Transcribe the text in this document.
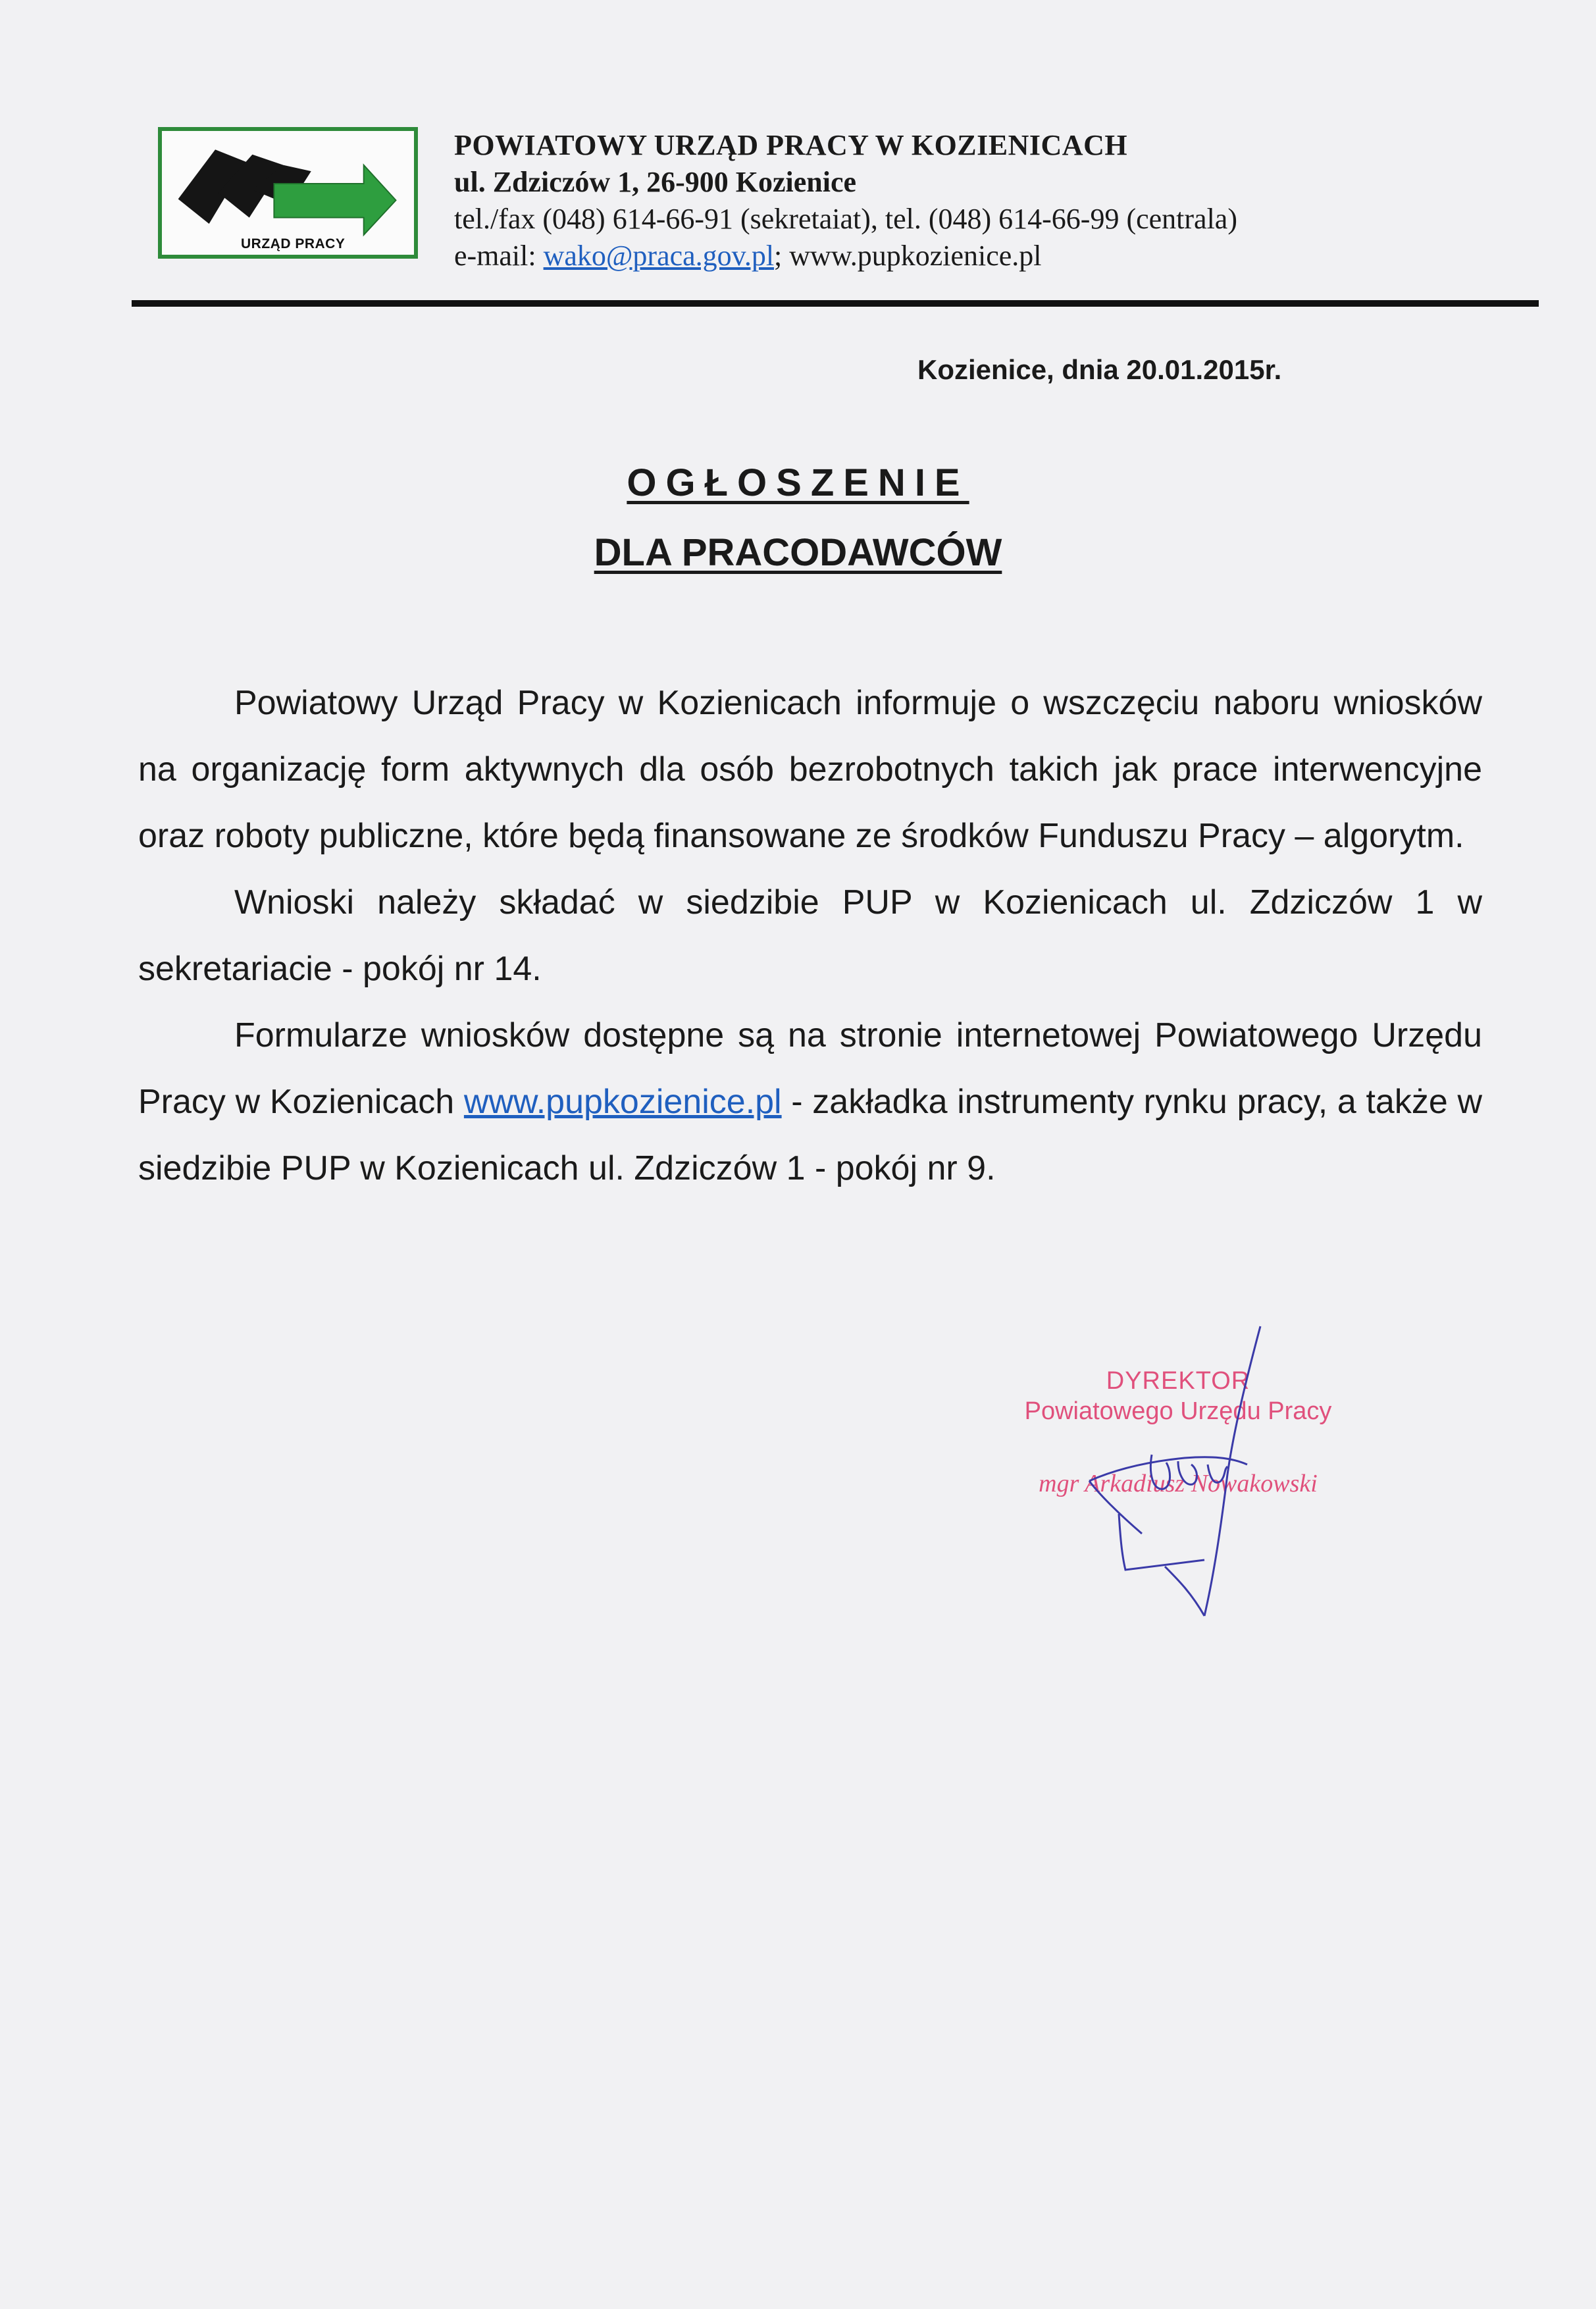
URZĄD PRACY
POWIATOWY URZĄD PRACY W KOZIENICACH
ul. Zdziczów 1, 26-900 Kozienice
tel./fax (048) 614-66-91 (sekretaiat), tel. (048) 614-66-99 (centrala)
e-mail: wako@praca.gov.pl; www.pupkozienice.pl
Kozienice, dnia 20.01.2015r.
OGŁOSZENIE
DLA PRACODAWCÓW

Powiatowy Urząd Pracy w Kozienicach informuje o wszczęciu naboru wniosków na organizację form aktywnych dla osób bezrobotnych takich jak prace interwencyjne oraz roboty publiczne, które będą finansowane ze środków Funduszu Pracy – algorytm.

Wnioski należy składać w siedzibie PUP w Kozienicach ul. Zdziczów 1 w sekretariacie - pokój nr 14.

Formularze wniosków dostępne są na stronie internetowej Powiatowego Urzędu Pracy w Kozienicach www.pupkozienice.pl - zakładka instrumenty rynku pracy, a także w siedzibie PUP w Kozienicach ul. Zdziczów 1 - pokój nr 9.

DYREKTOR
Powiatowego Urzędu Pracy
mgr Arkadiusz Nowakowski
